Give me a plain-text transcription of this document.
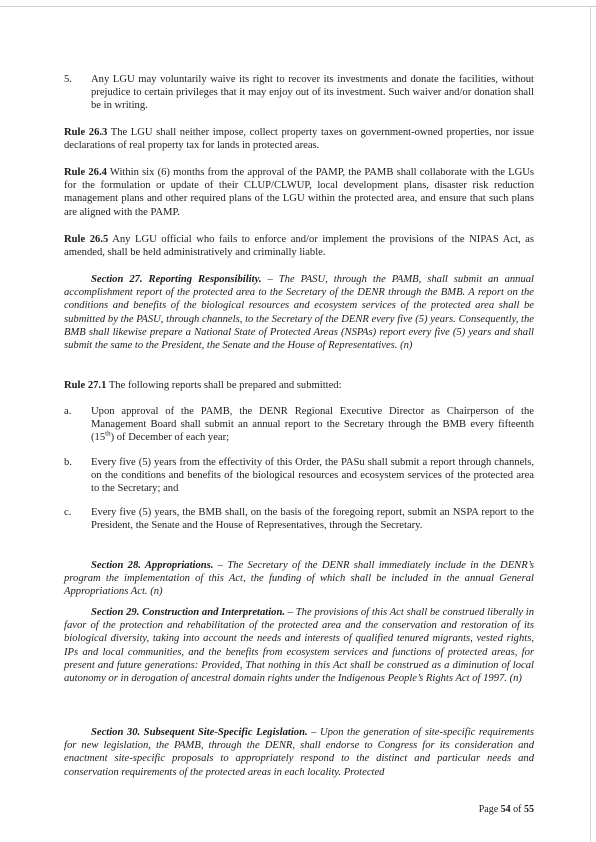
5. Any LGU may voluntarily waive its right to recover its investments and donate the facilities, without prejudice to certain privileges that it may enjoy out of its investment. Such waiver and/or donation shall be in writing.

Rule 26.3 The LGU shall neither impose, collect property taxes on government-owned properties, nor issue declarations of real property tax for lands in protected areas.

Rule 26.4 Within six (6) months from the approval of the PAMP, the PAMB shall collaborate with the LGUs for the formulation or update of their CLUP/CLWUP, local development plans, disaster risk reduction management plans and other required plans of the LGU within the protected area, and ensure that such plans are aligned with the PAMP.

Rule 26.5 Any LGU official who fails to enforce and/or implement the provisions of the NIPAS Act, as amended, shall be held administratively and criminally liable.

Section 27. Reporting Responsibility. – The PASU, through the PAMB, shall submit an annual accomplishment report of the protected area to the Secretary of the DENR through the BMB. A report on the conditions and benefits of the biological resources and ecosystem services of the protected area shall be submitted by the PASU, through channels, to the Secretary of the DENR every five (5) years. Consequently, the BMB shall likewise prepare a National State of Protected Areas (NSPAs) report every five (5) years and shall submit the same to the President, the Senate and the House of Representatives. (n)

Rule 27.1 The following reports shall be prepared and submitted:

a. Upon approval of the PAMB, the DENR Regional Executive Director as Chairperson of the Management Board shall submit an annual report to the Secretary through the BMB every fifteenth (15th) of December of each year;

b. Every five (5) years from the effectivity of this Order, the PASu shall submit a report through channels, on the conditions and benefits of the biological resources and ecosystem services of the protected area to the Secretary; and

c. Every five (5) years, the BMB shall, on the basis of the foregoing report, submit an NSPA report to the President, the Senate and the House of Representatives, through the Secretary.

Section 28. Appropriations. – The Secretary of the DENR shall immediately include in the DENR’s program the implementation of this Act, the funding of which shall be included in the annual General Appropriations Act. (n)

Section 29. Construction and Interpretation. – The provisions of this Act shall be construed liberally in favor of the protection and rehabilitation of the protected area and the conservation and restoration of its biological diversity, taking into account the needs and interests of qualified tenured migrants, vested rights, IPs and local communities, and the benefits from ecosystem services and functions of protected areas, for present and future generations: Provided, That nothing in this Act shall be construed as a diminution of local autonomy or in derogation of ancestral domain rights under the Indigenous People’s Rights Act of 1997. (n)

Section 30. Subsequent Site-Specific Legislation. – Upon the generation of site-specific requirements for new legislation, the PAMB, through the DENR, shall endorse to Congress for its consideration and enactment site-specific proposals to appropriately respond to the distinct and particular needs and conservation requirements of the protected areas in each locality. Protected

Page 54 of 55
